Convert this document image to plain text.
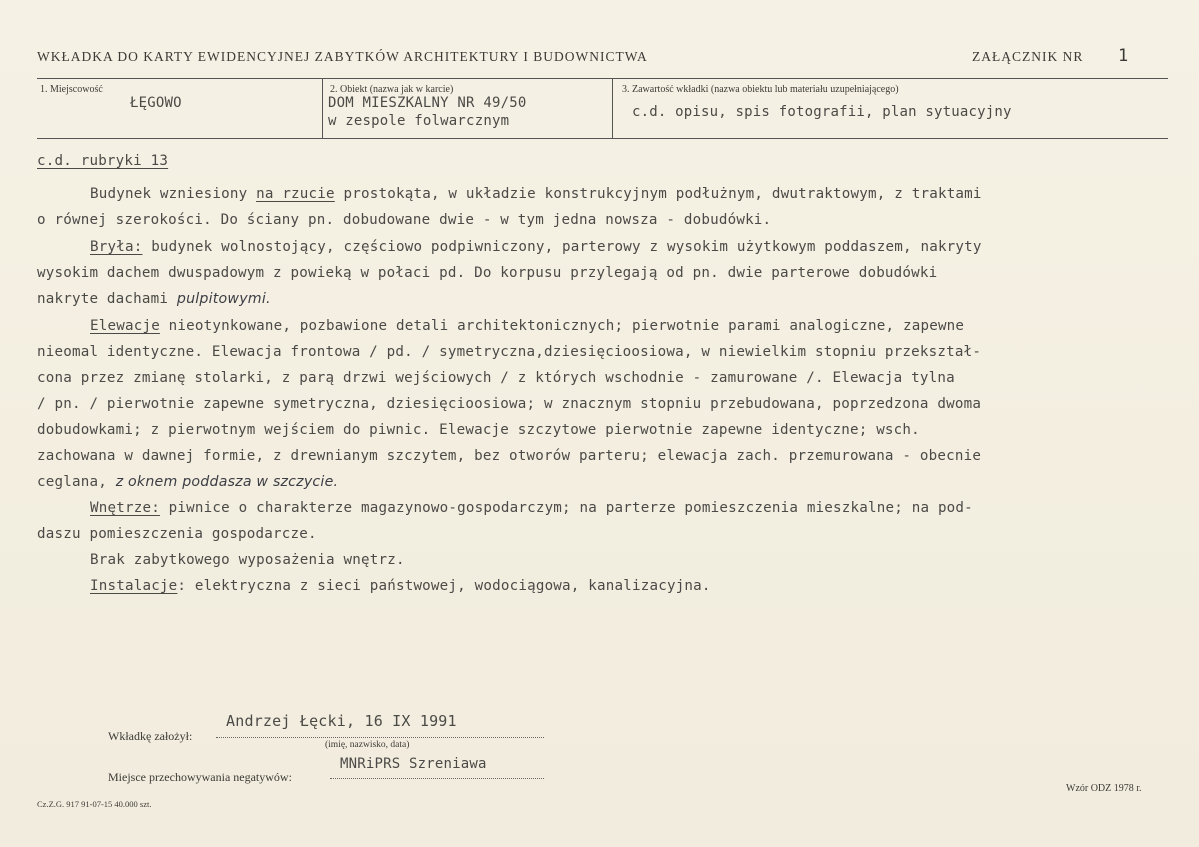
WKŁADKA DO KARTY EWIDENCYJNEJ ZABYTKÓW ARCHITEKTURY I BUDOWNICTWA	ZAŁĄCZNIK NR 1
1. Miejscowość
ŁĘGOWO
2. Obiekt (nazwa jak w karcie)
DOM MIESZKALNY NR 49/50
w zespole folwarcznym
3. Zawartość wkładki (nazwa obiektu lub materiału uzupełniającego)
c.d. opisu, spis fotografii, plan sytuacyjny
c.d. rubryki 13
Budynek wzniesiony na rzucie prostokąta, w układzie konstrukcyjnym podłużnym, dwutraktowym, z traktami
o równej szerokości. Do ściany pn. dobudowane dwie - w tym jedna nowsza - dobudówki.
Bryła: budynek wolnostojący, częściowo podpiwniczony, parterowy z wysokim użytkowym poddaszem, nakryty
wysokim dachem dwuspadowym z powieką w połaci pd. Do korpusu przylegają od pn. dwie parterowe dobudówki
nakryte dachami pulpitowymi.
Elewacje nieotynkowane, pozbawione detali architektonicznych; pierwotnie parami analogiczne, zapewne
nieomal identyczne. Elewacja frontowa / pd. / symetryczna,dziesięcioosiowa, w niewielkim stopniu przekształ-
cona przez zmianę stolarki, z parą drzwi wejściowych / z których wschodnie - zamurowane /. Elewacja tylna
/ pn. / pierwotnie zapewne symetryczna, dziesięcioosiowa; w znacznym stopniu przebudowana, poprzedzona dwoma
dobudowkami; z pierwotnym wejściem do piwnic. Elewacje szczytowe pierwotnie zapewne identyczne; wsch.
zachowana w dawnej formie, z drewnianym szczytem, bez otworów parteru; elewacja zach. przemurowana - obecnie
ceglana, z oknem poddasza w szczycie.
Wnętrze: piwnice o charakterze magazynowo-gospodarczym; na parterze pomieszczenia mieszkalne; na pod-
daszu pomieszczenia gospodarcze.
Brak zabytkowego wyposażenia wnętrz.
Instalacje: elektryczna z sieci państwowej, wodociągowa, kanalizacyjna.
Wkładkę założył:
Andrzej Łęcki, 16 IX 1991
(imię, nazwisko, data)
Miejsce przechowywania negatywów:
MNRiPRS Szreniawa
Cz.Z.G. 917 91-07-15 40.000 szt.
Wzór ODZ 1978 r.
